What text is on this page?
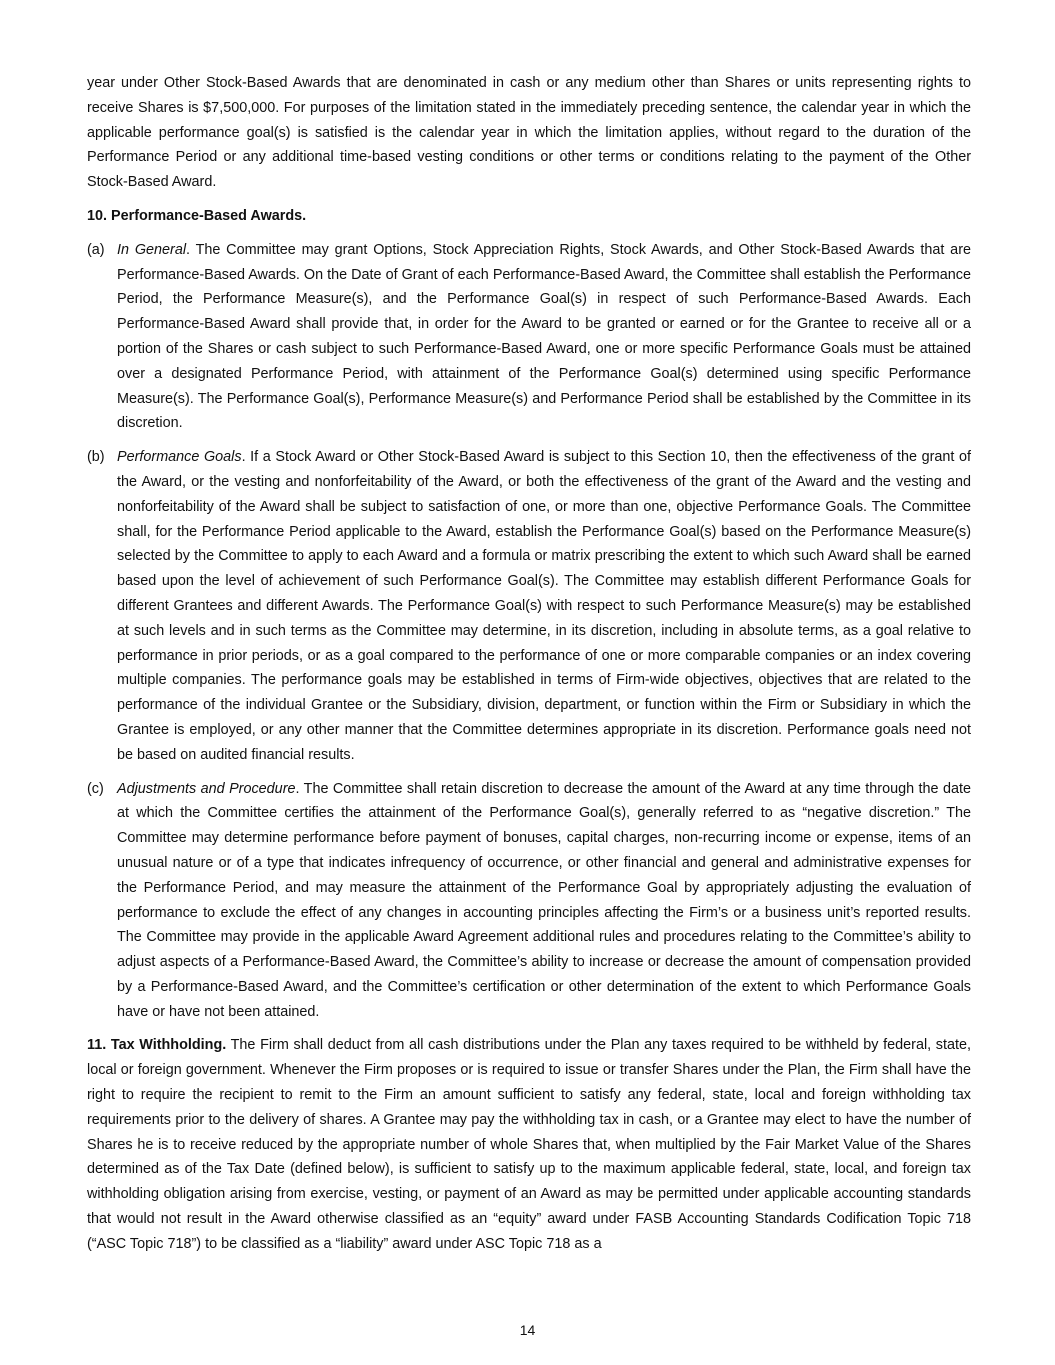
year under Other Stock-Based Awards that are denominated in cash or any medium other than Shares or units representing rights to receive Shares is $7,500,000. For purposes of the limitation stated in the immediately preceding sentence, the calendar year in which the applicable performance goal(s) is satisfied is the calendar year in which the limitation applies, without regard to the duration of the Performance Period or any additional time-based vesting conditions or other terms or conditions relating to the payment of the Other Stock-Based Award.

10. Performance-Based Awards.
(a) In General. The Committee may grant Options, Stock Appreciation Rights, Stock Awards, and Other Stock-Based Awards that are Performance-Based Awards. On the Date of Grant of each Performance-Based Award, the Committee shall establish the Performance Period, the Performance Measure(s), and the Performance Goal(s) in respect of such Performance-Based Awards. Each Performance-Based Award shall provide that, in order for the Award to be granted or earned or for the Grantee to receive all or a portion of the Shares or cash subject to such Performance-Based Award, one or more specific Performance Goals must be attained over a designated Performance Period, with attainment of the Performance Goal(s) determined using specific Performance Measure(s). The Performance Goal(s), Performance Measure(s) and Performance Period shall be established by the Committee in its discretion.

(b) Performance Goals. If a Stock Award or Other Stock-Based Award is subject to this Section 10, then the effectiveness of the grant of the Award, or the vesting and nonforfeitability of the Award, or both the effectiveness of the grant of the Award and the vesting and nonforfeitability of the Award shall be subject to satisfaction of one, or more than one, objective Performance Goals. The Committee shall, for the Performance Period applicable to the Award, establish the Performance Goal(s) based on the Performance Measure(s) selected by the Committee to apply to each Award and a formula or matrix prescribing the extent to which such Award shall be earned based upon the level of achievement of such Performance Goal(s). The Committee may establish different Performance Goals for different Grantees and different Awards. The Performance Goal(s) with respect to such Performance Measure(s) may be established at such levels and in such terms as the Committee may determine, in its discretion, including in absolute terms, as a goal relative to performance in prior periods, or as a goal compared to the performance of one or more comparable companies or an index covering multiple companies. The performance goals may be established in terms of Firm-wide objectives, objectives that are related to the performance of the individual Grantee or the Subsidiary, division, department, or function within the Firm or Subsidiary in which the Grantee is employed, or any other manner that the Committee determines appropriate in its discretion. Performance goals need not be based on audited financial results.

(c) Adjustments and Procedure. The Committee shall retain discretion to decrease the amount of the Award at any time through the date at which the Committee certifies the attainment of the Performance Goal(s), generally referred to as “negative discretion.” The Committee may determine performance before payment of bonuses, capital charges, non-recurring income or expense, items of an unusual nature or of a type that indicates infrequency of occurrence, or other financial and general and administrative expenses for the Performance Period, and may measure the attainment of the Performance Goal by appropriately adjusting the evaluation of performance to exclude the effect of any changes in accounting principles affecting the Firm’s or a business unit’s reported results. The Committee may provide in the applicable Award Agreement additional rules and procedures relating to the Committee’s ability to adjust aspects of a Performance-Based Award, the Committee’s ability to increase or decrease the amount of compensation provided by a Performance-Based Award, and the Committee’s certification or other determination of the extent to which Performance Goals have or have not been attained.

11. Tax Withholding. The Firm shall deduct from all cash distributions under the Plan any taxes required to be withheld by federal, state, local or foreign government. Whenever the Firm proposes or is required to issue or transfer Shares under the Plan, the Firm shall have the right to require the recipient to remit to the Firm an amount sufficient to satisfy any federal, state, local and foreign withholding tax requirements prior to the delivery of shares. A Grantee may pay the withholding tax in cash, or a Grantee may elect to have the number of Shares he is to receive reduced by the appropriate number of whole Shares that, when multiplied by the Fair Market Value of the Shares determined as of the Tax Date (defined below), is sufficient to satisfy up to the maximum applicable federal, state, local, and foreign tax withholding obligation arising from exercise, vesting, or payment of an Award as may be permitted under applicable accounting standards that would not result in the Award otherwise classified as an “equity” award under FASB Accounting Standards Codification Topic 718 (“ASC Topic 718”) to be classified as a “liability” award under ASC Topic 718 as a

14
